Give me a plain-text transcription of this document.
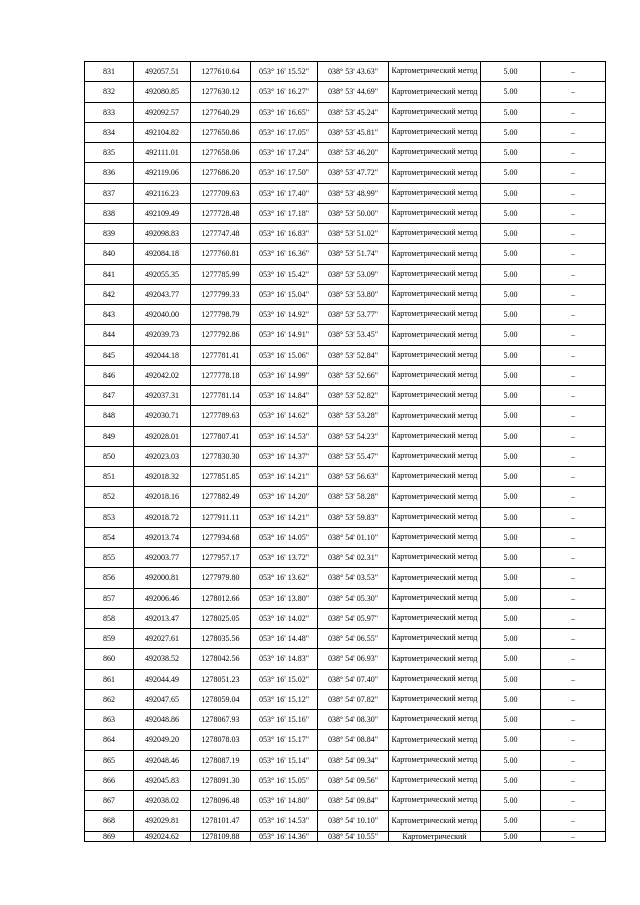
831	492057.51	1277610.64	053° 16' 15.52"	038° 53' 43.63"	Картометрический метод	5.00	–
832	492080.85	1277630.12	053° 16' 16.27"	038° 53' 44.69"	Картометрический метод	5.00	–
833	492092.57	1277640.29	053° 16' 16.65"	038° 53' 45.24"	Картометрический метод	5.00	–
834	492104.82	1277650.86	053° 16' 17.05"	038° 53' 45.81"	Картометрический метод	5.00	–
835	492111.01	1277658.06	053° 16' 17.24"	038° 53' 46.20"	Картометрический метод	5.00	–
836	492119.06	1277686.20	053° 16' 17.50"	038° 53' 47.72"	Картометрический метод	5.00	–
837	492116.23	1277709.63	053° 16' 17.40"	038° 53' 48.99"	Картометрический метод	5.00	–
838	492109.49	1277728.48	053° 16' 17.18"	038° 53' 50.00"	Картометрический метод	5.00	–
839	492098.83	1277747.48	053° 16' 16.83"	038° 53' 51.02"	Картометрический метод	5.00	–
840	492084.18	1277760.81	053° 16' 16.36"	038° 53' 51.74"	Картометрический метод	5.00	–
841	492055.35	1277785.99	053° 16' 15.42"	038° 53' 53.09"	Картометрический метод	5.00	–
842	492043.77	1277799.33	053° 16' 15.04"	038° 53' 53.80"	Картометрический метод	5.00	–
843	492040.00	1277798.79	053° 16' 14.92"	038° 53' 53.77"	Картометрический метод	5.00	–
844	492039.73	1277792.86	053° 16' 14.91"	038° 53' 53.45"	Картометрический метод	5.00	–
845	492044.18	1277781.41	053° 16' 15.06"	038° 53' 52.84"	Картометрический метод	5.00	–
846	492042.02	1277778.18	053° 16' 14.99"	038° 53' 52.66"	Картометрический метод	5.00	–
847	492037.31	1277781.14	053° 16' 14.84"	038° 53' 52.82"	Картометрический метод	5.00	–
848	492030.71	1277789.63	053° 16' 14.62"	038° 53' 53.28"	Картометрический метод	5.00	–
849	492028.01	1277807.41	053° 16' 14.53"	038° 53' 54.23"	Картометрический метод	5.00	–
850	492023.03	1277830.30	053° 16' 14.37"	038° 53' 55.47"	Картометрический метод	5.00	–
851	492018.32	1277851.85	053° 16' 14.21"	038° 53' 56.63"	Картометрический метод	5.00	–
852	492018.16	1277882.49	053° 16' 14.20"	038° 53' 58.28"	Картометрический метод	5.00	–
853	492018.72	1277911.11	053° 16' 14.21"	038° 53' 59.83"	Картометрический метод	5.00	–
854	492013.74	1277934.68	053° 16' 14.05"	038° 54' 01.10"	Картометрический метод	5.00	–
855	492003.77	1277957.17	053° 16' 13.72"	038° 54' 02.31"	Картометрический метод	5.00	–
856	492000.81	1277979.80	053° 16' 13.62"	038° 54' 03.53"	Картометрический метод	5.00	–
857	492006.46	1278012.66	053° 16' 13.80"	038° 54' 05.30"	Картометрический метод	5.00	–
858	492013.47	1278025.05	053° 16' 14.02"	038° 54' 05.97"	Картометрический метод	5.00	–
859	492027.61	1278035.56	053° 16' 14.48"	038° 54' 06.55"	Картометрический метод	5.00	–
860	492038.52	1278042.56	053° 16' 14.83"	038° 54' 06.93"	Картометрический метод	5.00	–
861	492044.49	1278051.23	053° 16' 15.02"	038° 54' 07.40"	Картометрический метод	5.00	–
862	492047.65	1278059.04	053° 16' 15.12"	038° 54' 07.82"	Картометрический метод	5.00	–
863	492048.86	1278067.93	053° 16' 15.16"	038° 54' 08.30"	Картометрический метод	5.00	–
864	492049.20	1278078.03	053° 16' 15.17"	038° 54' 08.84"	Картометрический метод	5.00	–
865	492048.46	1278087.19	053° 16' 15.14"	038° 54' 09.34"	Картометрический метод	5.00	–
866	492045.83	1278091.30	053° 16' 15.05"	038° 54' 09.56"	Картометрический метод	5.00	–
867	492038.02	1278096.48	053° 16' 14.80"	038° 54' 09.84"	Картометрический метод	5.00	–
868	492029.81	1278101.47	053° 16' 14.53"	038° 54' 10.10"	Картометрический метод	5.00	–
869	492024.62	1278109.88	053° 16' 14.36"	038° 54' 10.55"	Картометрический	5.00	–
